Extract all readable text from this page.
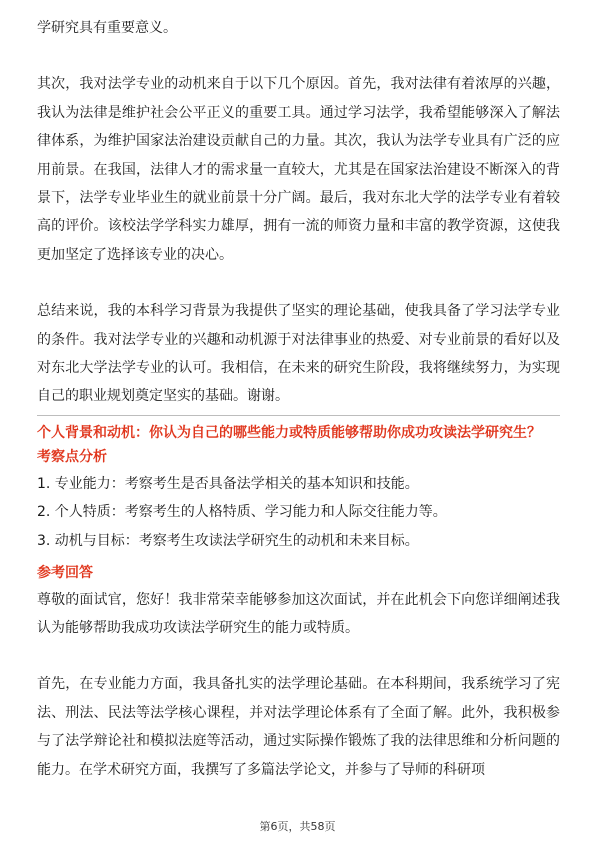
学研究具有重要意义。

其次，我对法学专业的动机来自于以下几个原因。首先，我对法律有着浓厚的兴趣，我认为法律是维护社会公平正义的重要工具。通过学习法学，我希望能够深入了解法律体系，为维护国家法治建设贡献自己的力量。其次，我认为法学专业具有广泛的应用前景。在我国，法律人才的需求量一直较大，尤其是在国家法治建设不断深入的背景下，法学专业毕业生的就业前景十分广阔。最后，我对东北大学的法学专业有着较高的评价。该校法学学科实力雄厚，拥有一流的师资力量和丰富的教学资源，这使我更加坚定了选择该专业的决心。

总结来说，我的本科学习背景为我提供了坚实的理论基础，使我具备了学习法学专业的条件。我对法学专业的兴趣和动机源于对法律事业的热爱、对专业前景的看好以及对东北大学法学专业的认可。我相信，在未来的研究生阶段，我将继续努力，为实现自己的职业规划奠定坚实的基础。谢谢。

个人背景和动机：你认为自己的哪些能力或特质能够帮助你成功攻读法学研究生？

考察点分析

1. 专业能力：考察考生是否具备法学相关的基本知识和技能。
2. 个人特质：考察考生的人格特质、学习能力和人际交往能力等。
3. 动机与目标：考察考生攻读法学研究生的动机和未来目标。

参考回答

尊敬的面试官，您好！我非常荣幸能够参加这次面试，并在此机会下向您详细阐述我认为能够帮助我成功攻读法学研究生的能力或特质。

首先，在专业能力方面，我具备扎实的法学理论基础。在本科期间，我系统学习了宪法、刑法、民法等法学核心课程，并对法学理论体系有了全面了解。此外，我积极参与了法学辩论社和模拟法庭等活动，通过实际操作锻炼了我的法律思维和分析问题的能力。在学术研究方面，我撰写了多篇法学论文，并参与了导师的科研项

第6页，共58页
